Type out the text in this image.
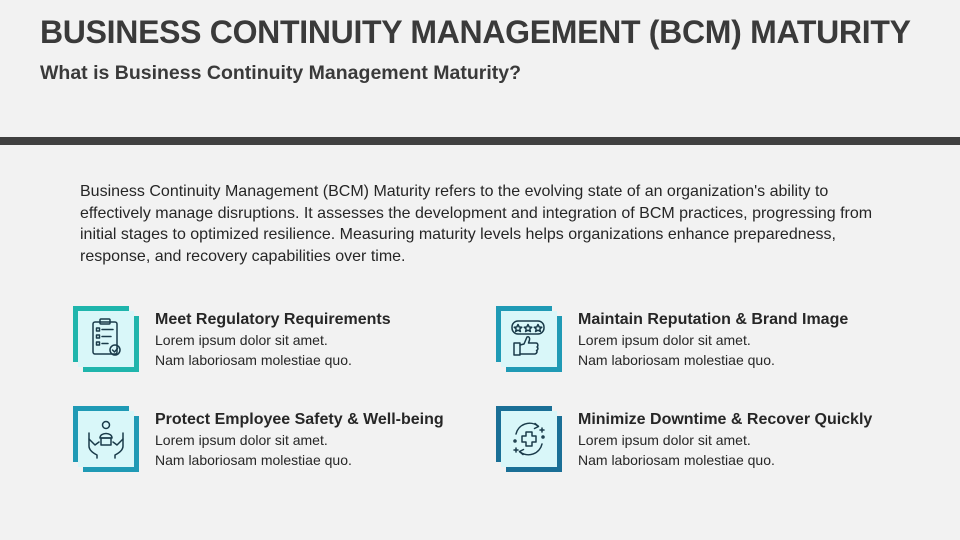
BUSINESS CONTINUITY MANAGEMENT (BCM) MATURITY
What is Business Continuity Management Maturity?

Business Continuity Management (BCM) Maturity refers to the evolving state of an organization's ability to effectively manage disruptions. It assesses the development and integration of BCM practices, progressing from initial stages to optimized resilience. Measuring maturity levels helps organizations enhance preparedness, response, and recovery capabilities over time.

Meet Regulatory Requirements
Lorem ipsum dolor sit amet.
Nam laboriosam molestiae quo.
Maintain Reputation & Brand Image
Lorem ipsum dolor sit amet.
Nam laboriosam molestiae quo.
Protect Employee Safety & Well-being
Lorem ipsum dolor sit amet.
Nam laboriosam molestiae quo.
Minimize Downtime & Recover Quickly
Lorem ipsum dolor sit amet.
Nam laboriosam molestiae quo.
